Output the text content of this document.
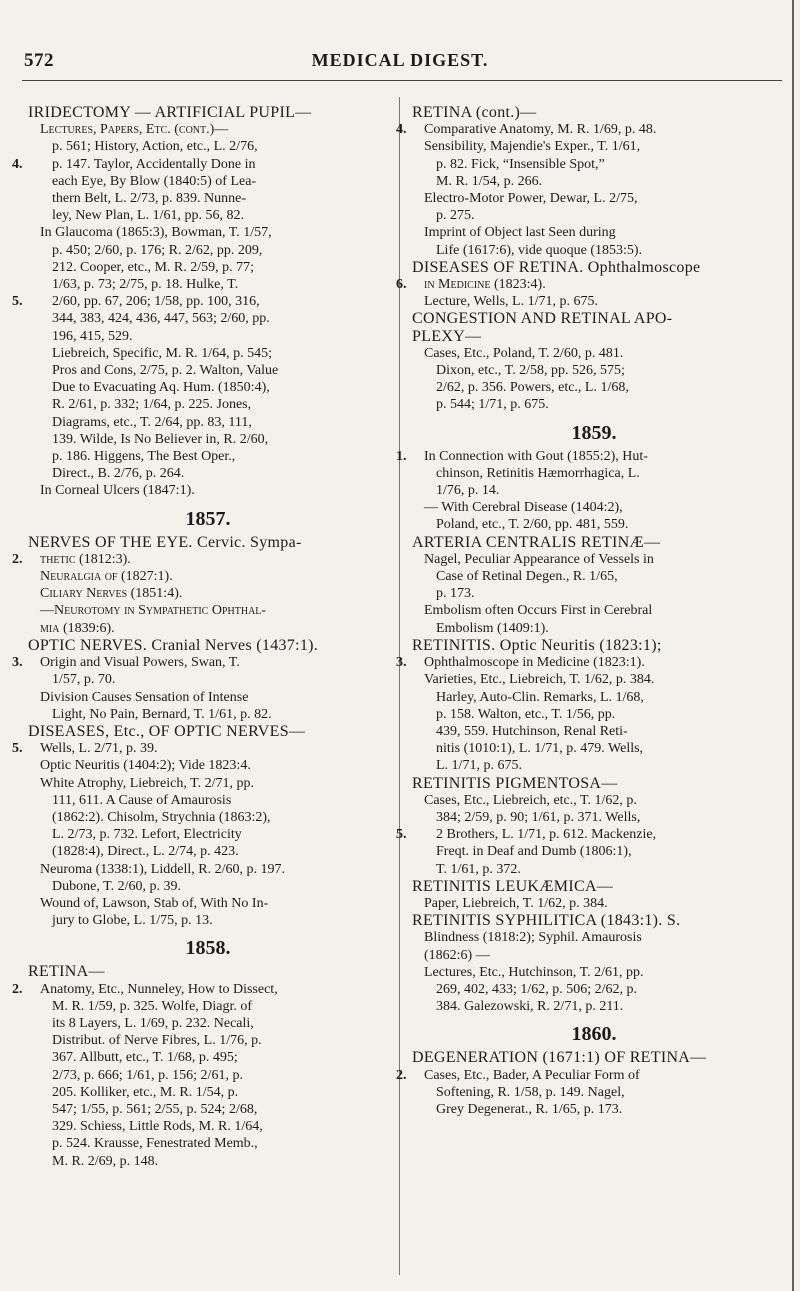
572	MEDICAL DIGEST.
IRIDECTOMY — ARTIFICIAL PUPIL—
Lectures, Papers, Etc. (cont.)—
p. 561; History, Action, etc., L. 2/76,
p. 147. Taylor, Accidentally Done in
4.
each Eye, By Blow (1840:5) of Lea-
thern Belt, L. 2/73, p. 839. Nunne-
ley, New Plan, L. 1/61, pp. 56, 82.
In Glaucoma (1865:3), Bowman, T. 1/57,
p. 450; 2/60, p. 176; R. 2/62, pp. 209,
212. Cooper, etc., M. R. 2/59, p. 77;
1/63, p. 73; 2/75, p. 18. Hulke, T.
2/60, pp. 67, 206; 1/58, pp. 100, 316,
5.
344, 383, 424, 436, 447, 563; 2/60, pp.
196, 415, 529.
Liebreich, Specific, M. R. 1/64, p. 545;
Pros and Cons, 2/75, p. 2. Walton, Value
Due to Evacuating Aq. Hum. (1850:4),
R. 2/61, p. 332; 1/64, p. 225. Jones,
Diagrams, etc., T. 2/64, pp. 83, 111,
139. Wilde, Is No Believer in, R. 2/60,
p. 186. Higgens, The Best Oper.,
Direct., B. 2/76, p. 264.
In Corneal Ulcers (1847:1).
1857.
NERVES OF THE EYE. Cervic. Sympa-
thetic (1812:3).
2.
Neuralgia of (1827:1).
Ciliary Nerves (1851:4).
—Neurotomy in Sympathetic Ophthal-
mia (1839:6).
OPTIC NERVES. Cranial Nerves (1437:1).
Origin and Visual Powers, Swan, T.
3.
1/57, p. 70.
Division Causes Sensation of Intense
Light, No Pain, Bernard, T. 1/61, p. 82.
DISEASES, Etc., OF OPTIC NERVES—
Wells, L. 2/71, p. 39.
5.
Optic Neuritis (1404:2); Vide 1823:4.
White Atrophy, Liebreich, T. 2/71, pp.
111, 611. A Cause of Amaurosis
(1862:2). Chisolm, Strychnia (1863:2),
L. 2/73, p. 732. Lefort, Electricity
(1828:4), Direct., L. 2/74, p. 423.
Neuroma (1338:1), Liddell, R. 2/60, p. 197.
Dubone, T. 2/60, p. 39.
Wound of, Lawson, Stab of, With No In-
jury to Globe, L. 1/75, p. 13.
1858.
RETINA—
Anatomy, Etc., Nunneley, How to Dissect,
2.
M. R. 1/59, p. 325. Wolfe, Diagr. of
its 8 Layers, L. 1/69, p. 232. Necali,
Distribut. of Nerve Fibres, L. 1/76, p.
367. Allbutt, etc., T. 1/68, p. 495;
2/73, p. 666; 1/61, p. 156; 2/61, p.
205. Kolliker, etc., M. R. 1/54, p.
547; 1/55, p. 561; 2/55, p. 524; 2/68,
329. Schiess, Little Rods, M. R. 1/64,
p. 524. Krausse, Fenestrated Memb.,
M. R. 2/69, p. 148.
RETINA (cont.)—
Comparative Anatomy, M. R. 1/69, p. 48.
4.
Sensibility, Majendie's Exper., T. 1/61,
p. 82. Fick, “Insensible Spot,”
M. R. 1/54, p. 266.
Electro-Motor Power, Dewar, L. 2/75,
p. 275.
Imprint of Object last Seen during
Life (1617:6), vide quoque (1853:5).
DISEASES OF RETINA. Ophthalmoscope
in Medicine (1823:4).
6.
Lecture, Wells, L. 1/71, p. 675.
CONGESTION AND RETINAL APO-
PLEXY—
Cases, Etc., Poland, T. 2/60, p. 481.
Dixon, etc., T. 2/58, pp. 526, 575;
2/62, p. 356. Powers, etc., L. 1/68,
p. 544; 1/71, p. 675.
1859.
In Connection with Gout (1855:2), Hut-
1.
chinson, Retinitis Hæmorrhagica, L.
1/76, p. 14.
— With Cerebral Disease (1404:2),
Poland, etc., T. 2/60, pp. 481, 559.
ARTERIA CENTRALIS RETINÆ—
Nagel, Peculiar Appearance of Vessels in
Case of Retinal Degen., R. 1/65,
p. 173.
Embolism often Occurs First in Cerebral
Embolism (1409:1).
RETINITIS. Optic Neuritis (1823:1);
Ophthalmoscope in Medicine (1823:1).
3.
Varieties, Etc., Liebreich, T. 1/62, p. 384.
Harley, Auto-Clin. Remarks, L. 1/68,
p. 158. Walton, etc., T. 1/56, pp.
439, 559. Hutchinson, Renal Reti-
nitis (1010:1), L. 1/71, p. 479. Wells,
L. 1/71, p. 675.
RETINITIS PIGMENTOSA—
Cases, Etc., Liebreich, etc., T. 1/62, p.
384; 2/59, p. 90; 1/61, p. 371. Wells,
2 Brothers, L. 1/71, p. 612. Mackenzie,
5.
Freqt. in Deaf and Dumb (1806:1),
T. 1/61, p. 372.
RETINITIS LEUKÆMICA—
Paper, Liebreich, T. 1/62, p. 384.
RETINITIS SYPHILITICA (1843:1). S.
Blindness (1818:2); Syphil. Amaurosis
(1862:6) —
Lectures, Etc., Hutchinson, T. 2/61, pp.
269, 402, 433; 1/62, p. 506; 2/62, p.
384. Galezowski, R. 2/71, p. 211.
1860.
DEGENERATION (1671:1) OF RETINA—
Cases, Etc., Bader, A Peculiar Form of
2.
Softening, R. 1/58, p. 149. Nagel,
Grey Degenerat., R. 1/65, p. 173.
